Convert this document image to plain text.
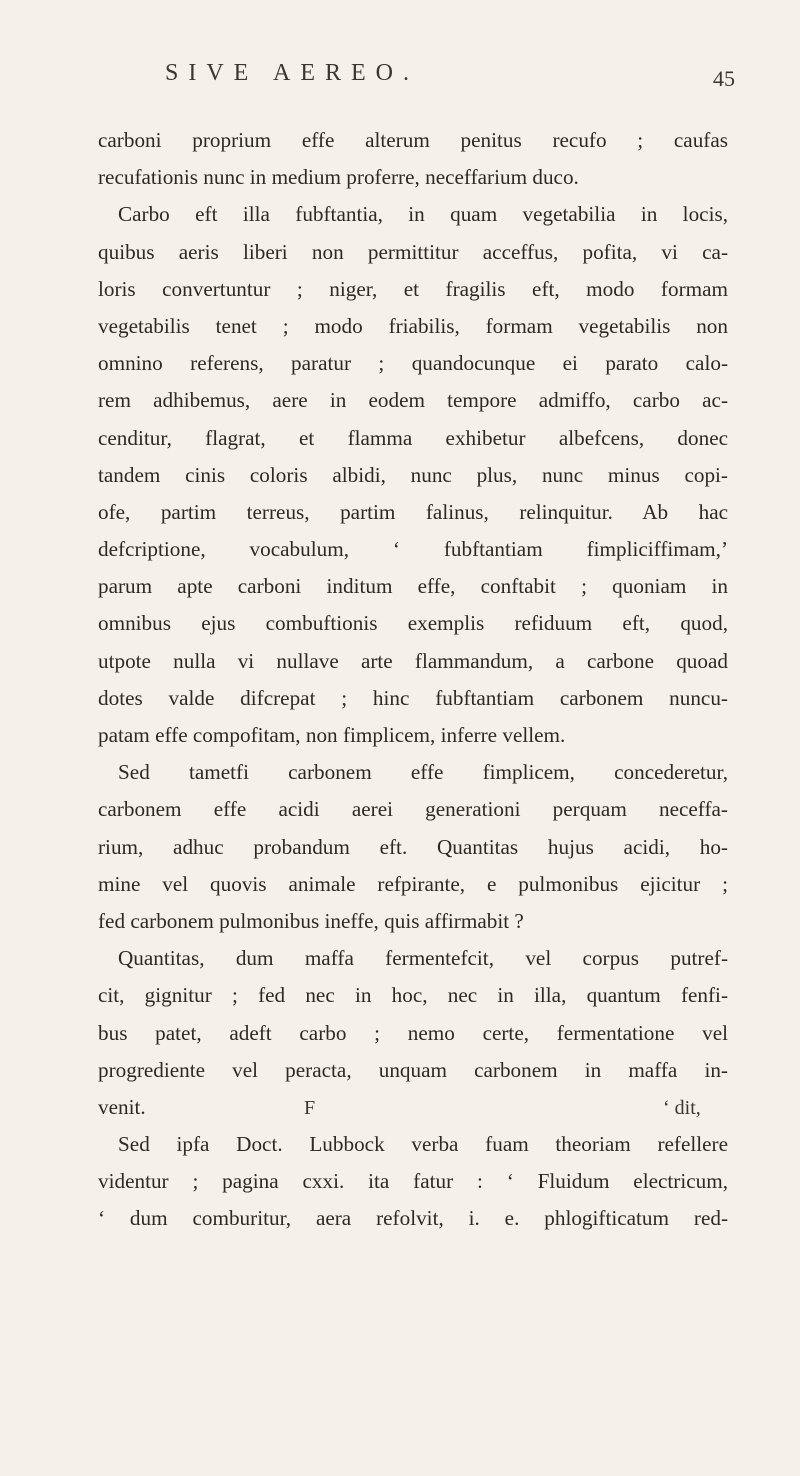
SIVE AEREO.	45
carboni proprium effe alterum penitus recufo ; caufas
recufationis nunc in medium proferre, neceffarium duco.
Carbo eft illa fubftantia, in quam vegetabilia in locis,
quibus aeris liberi non permittitur acceffus, pofita, vi ca-
loris convertuntur ; niger, et fragilis eft, modo formam
vegetabilis tenet ; modo friabilis, formam vegetabilis non
omnino referens, paratur ; quandocunque ei parato calo-
rem adhibemus, aere in eodem tempore admiffo, carbo ac-
cenditur, flagrat, et flamma exhibetur albefcens, donec
tandem cinis coloris albidi, nunc plus, nunc minus copi-
ofe, partim terreus, partim falinus, relinquitur. Ab hac
defcriptione, vocabulum, ‘ fubftantiam fimpliciffimam,’
parum apte carboni inditum effe, conftabit ; quoniam in
omnibus ejus combuftionis exemplis refiduum eft, quod,
utpote nulla vi nullave arte flammandum, a carbone quoad
dotes valde difcrepat ; hinc fubftantiam carbonem nuncu-
patam effe compofitam, non fimplicem, inferre vellem.
Sed tametfi carbonem effe fimplicem, concederetur,
carbonem effe acidi aerei generationi perquam neceffa-
rium, adhuc probandum eft. Quantitas hujus acidi, ho-
mine vel quovis animale refpirante, e pulmonibus ejicitur ;
fed carbonem pulmonibus ineffe, quis affirmabit ?
Quantitas, dum maffa fermentefcit, vel corpus putref-
cit, gignitur ; fed nec in hoc, nec in illa, quantum fenfi-
bus patet, adeft carbo ; nemo certe, fermentatione vel
progrediente vel peracta, unquam carbonem in maffa in-
venit.
Sed ipfa Doct. Lubbock verba fuam theoriam refellere
videntur ; pagina cxxi. ita fatur : ‘ Fluidum electricum,
‘ dum comburitur, aera refolvit, i. e. phlogifticatum red-
F	‘ dit,
